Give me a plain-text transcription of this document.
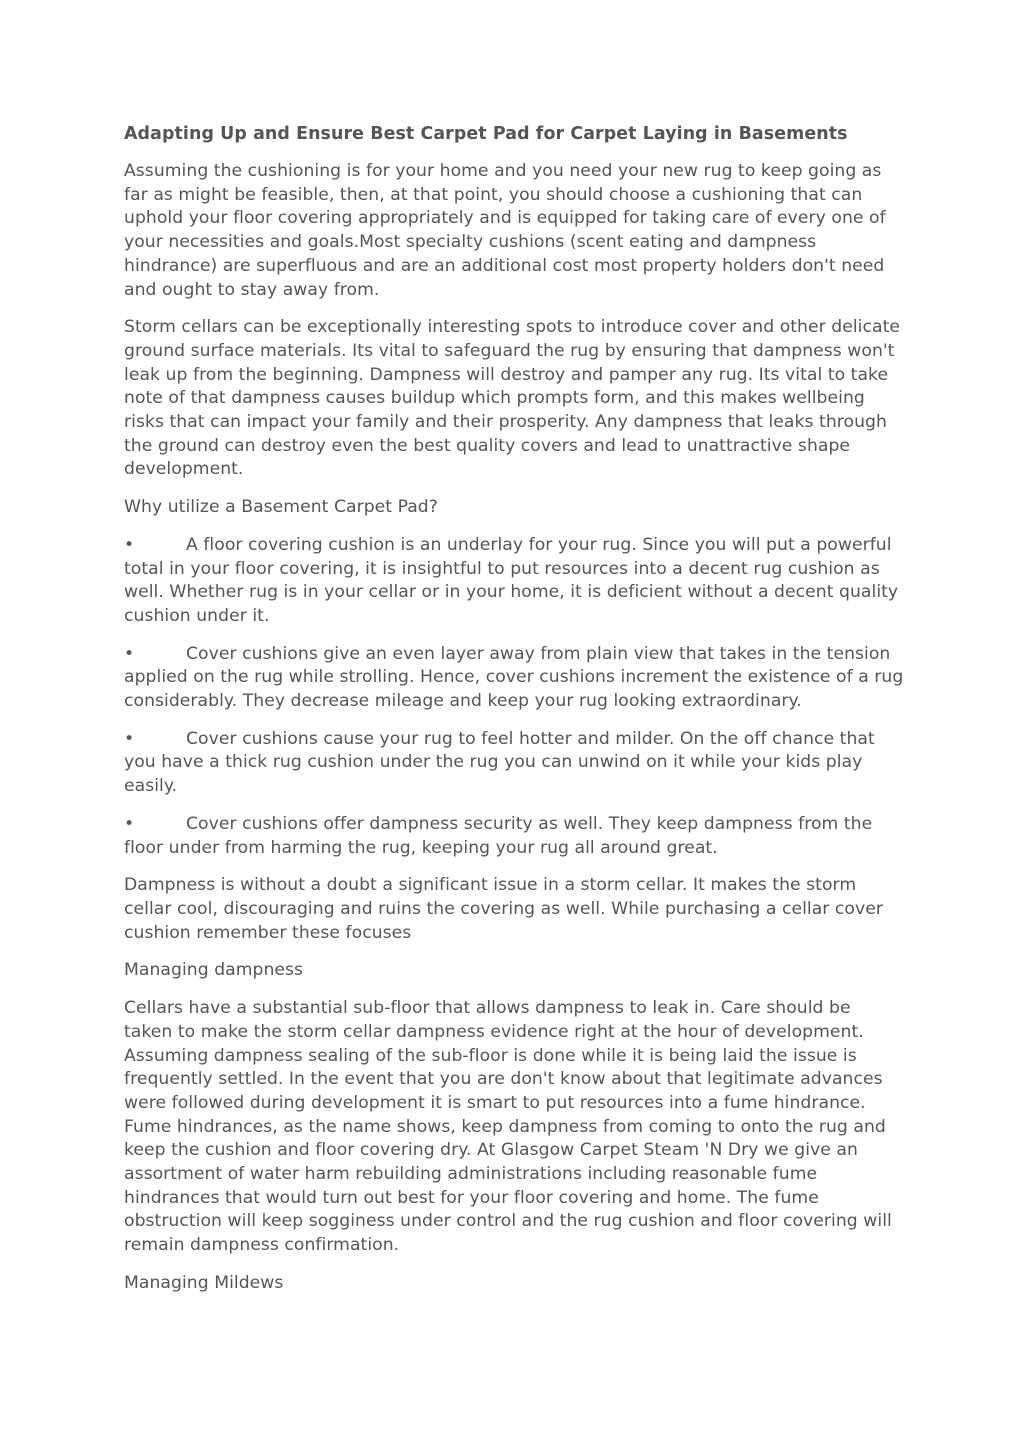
Adapting Up and Ensure Best Carpet Pad for Carpet Laying in Basements

Assuming the cushioning is for your home and you need your new rug to keep going as far as might be feasible, then, at that point, you should choose a cushioning that can uphold your floor covering appropriately and is equipped for taking care of every one of your necessities and goals.Most specialty cushions (scent eating and dampness hindrance) are superfluous and are an additional cost most property holders don't need and ought to stay away from.

Storm cellars can be exceptionally interesting spots to introduce cover and other delicate ground surface materials. Its vital to safeguard the rug by ensuring that dampness won't leak up from the beginning. Dampness will destroy and pamper any rug. Its vital to take note of that dampness causes buildup which prompts form, and this makes wellbeing risks that can impact your family and their prosperity. Any dampness that leaks through the ground can destroy even the best quality covers and lead to unattractive shape development.

Why utilize a Basement Carpet Pad?

•	A floor covering cushion is an underlay for your rug. Since you will put a powerful total in your floor covering, it is insightful to put resources into a decent rug cushion as well. Whether rug is in your cellar or in your home, it is deficient without a decent quality cushion under it.

•	Cover cushions give an even layer away from plain view that takes in the tension applied on the rug while strolling. Hence, cover cushions increment the existence of a rug considerably. They decrease mileage and keep your rug looking extraordinary.

•	Cover cushions cause your rug to feel hotter and milder. On the off chance that you have a thick rug cushion under the rug you can unwind on it while your kids play easily.

•	Cover cushions offer dampness security as well. They keep dampness from the floor under from harming the rug, keeping your rug all around great.

Dampness is without a doubt a significant issue in a storm cellar. It makes the storm cellar cool, discouraging and ruins the covering as well. While purchasing a cellar cover cushion remember these focuses

Managing dampness

Cellars have a substantial sub-floor that allows dampness to leak in. Care should be taken to make the storm cellar dampness evidence right at the hour of development. Assuming dampness sealing of the sub-floor is done while it is being laid the issue is frequently settled. In the event that you are don't know about that legitimate advances were followed during development it is smart to put resources into a fume hindrance. Fume hindrances, as the name shows, keep dampness from coming to onto the rug and keep the cushion and floor covering dry. At Glasgow Carpet Steam 'N Dry we give an assortment of water harm rebuilding administrations including reasonable fume hindrances that would turn out best for your floor covering and home. The fume obstruction will keep sogginess under control and the rug cushion and floor covering will remain dampness confirmation.

Managing Mildews
